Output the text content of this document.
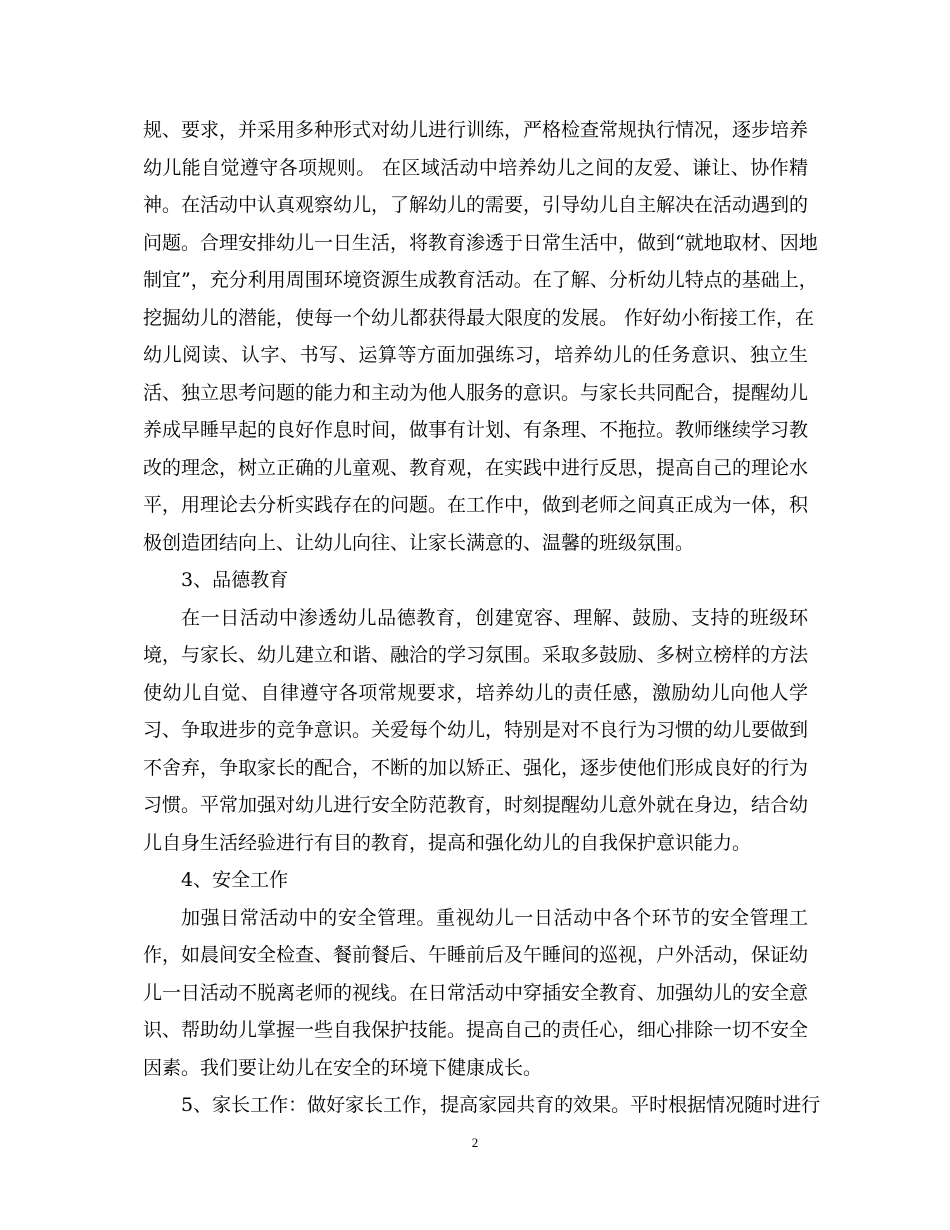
规、要求，并采用多种形式对幼儿进行训练，严格检查常规执行情况，逐步培养
幼儿能自觉遵守各项规则。 在区域活动中培养幼儿之间的友爱、谦让、协作精
神。在活动中认真观察幼儿，了解幼儿的需要，引导幼儿自主解决在活动遇到的
问题。合理安排幼儿一日生活，将教育渗透于日常生活中，做到“就地取材、因地
制宜”，充分利用周围环境资源生成教育活动。在了解、分析幼儿特点的基础上，
挖掘幼儿的潜能，使每一个幼儿都获得最大限度的发展。 作好幼小衔接工作，在
幼儿阅读、认字、书写、运算等方面加强练习，培养幼儿的任务意识、独立生
活、独立思考问题的能力和主动为他人服务的意识。与家长共同配合，提醒幼儿
养成早睡早起的良好作息时间，做事有计划、有条理、不拖拉。教师继续学习教
改的理念，树立正确的儿童观、教育观，在实践中进行反思，提高自己的理论水
平，用理论去分析实践存在的问题。在工作中，做到老师之间真正成为一体，积
极创造团结向上、让幼儿向往、让家长满意的、温馨的班级氛围。
3、品德教育
在一日活动中渗透幼儿品德教育，创建宽容、理解、鼓励、支持的班级环
境，与家长、幼儿建立和谐、融洽的学习氛围。采取多鼓励、多树立榜样的方法
使幼儿自觉、自律遵守各项常规要求，培养幼儿的责任感，激励幼儿向他人学
习、争取进步的竞争意识。关爱每个幼儿，特别是对不良行为习惯的幼儿要做到
不舍弃，争取家长的配合，不断的加以矫正、强化，逐步使他们形成良好的行为
习惯。平常加强对幼儿进行安全防范教育，时刻提醒幼儿意外就在身边，结合幼
儿自身生活经验进行有目的教育，提高和强化幼儿的自我保护意识能力。
4、安全工作
加强日常活动中的安全管理。重视幼儿一日活动中各个环节的安全管理工
作，如晨间安全检查、餐前餐后、午睡前后及午睡间的巡视，户外活动，保证幼
儿一日活动不脱离老师的视线。在日常活动中穿插安全教育、加强幼儿的安全意
识、帮助幼儿掌握一些自我保护技能。提高自己的责任心，细心排除一切不安全
因素。我们要让幼儿在安全的环境下健康成长。
5、家长工作：做好家长工作，提高家园共育的效果。平时根据情况随时进行
2
